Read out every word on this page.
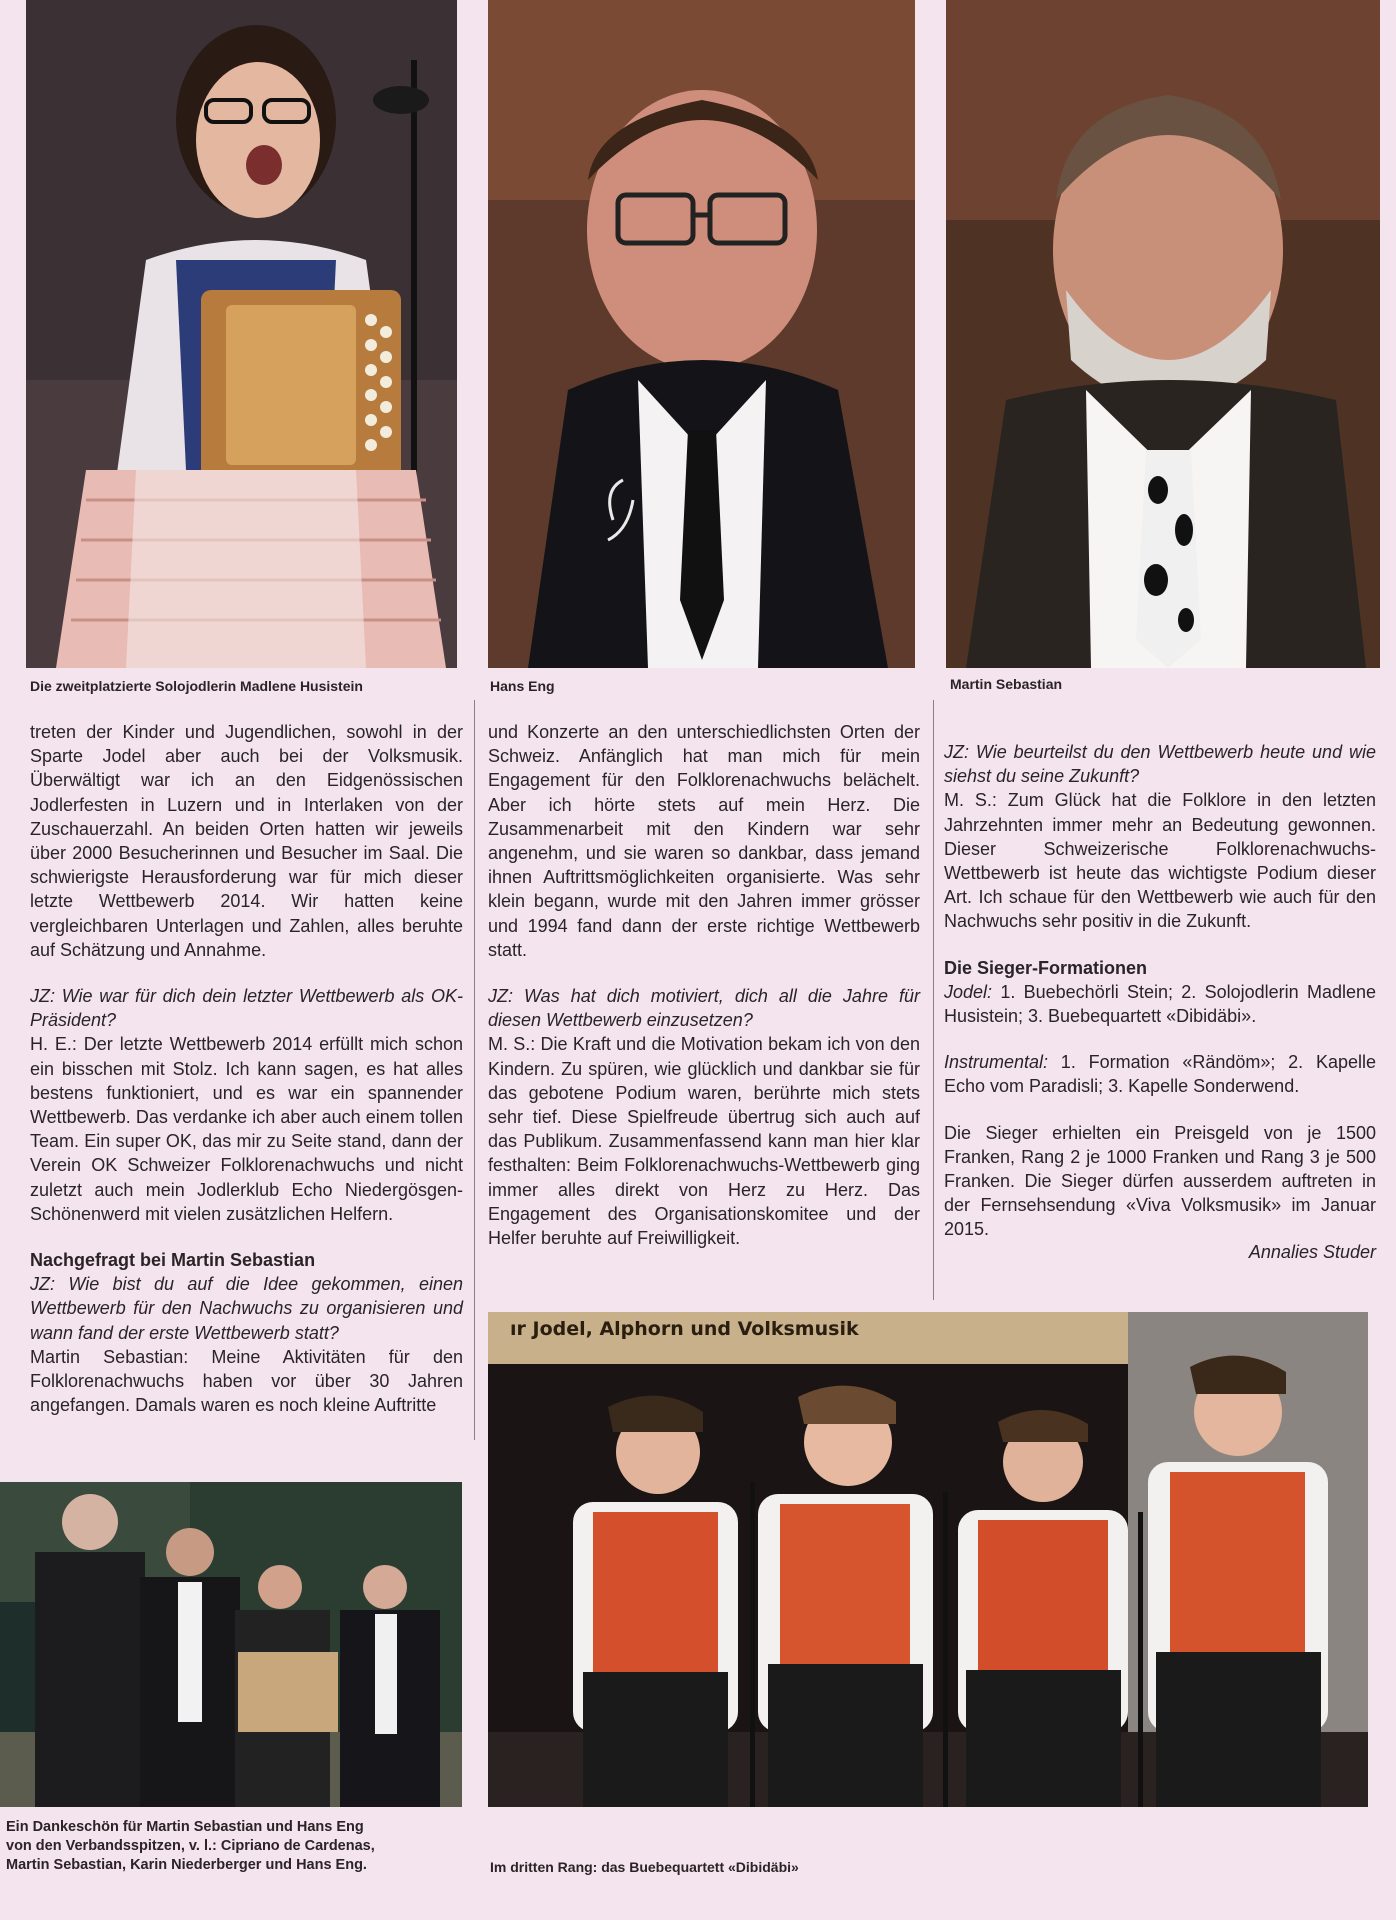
Die zweitplatzierte Solojodlerin Madlene Husistein	Hans Eng	Martin Sebastian

treten der Kinder und Jugendlichen, sowohl in der Sparte Jodel aber auch bei der Volksmusik. Überwältigt war ich an den Eidgenössischen Jodlerfesten in Luzern und in Interlaken von der Zuschauerzahl. An beiden Orten hatten wir jeweils über 2000 Besucherinnen und Besucher im Saal. Die schwierigste Herausforderung war für mich dieser letzte Wettbewerb 2014. Wir hatten keine vergleichbaren Unterlagen und Zahlen, alles beruhte auf Schätzung und Annahme.

JZ: Wie war für dich dein letzter Wettbewerb als OK-Präsident?

H. E.: Der letzte Wettbewerb 2014 erfüllt mich schon ein bisschen mit Stolz. Ich kann sagen, es hat alles bestens funktioniert, und es war ein spannender Wettbewerb. Das verdanke ich aber auch einem tollen Team. Ein super OK, das mir zu Seite stand, dann der Verein OK Schweizer Folklorenachwuchs und nicht zuletzt auch mein Jodlerklub Echo Niedergösgen-Schönenwerd mit vielen zusätzlichen Helfern.

Nachgefragt bei Martin Sebastian
JZ: Wie bist du auf die Idee gekommen, einen Wettbewerb für den Nachwuchs zu organisieren und wann fand der erste Wettbewerb statt?

Martin Sebastian: Meine Aktivitäten für den Folklorenachwuchs haben vor über 30 Jahren angefangen. Damals waren es noch kleine Auftritte

und Konzerte an den unterschiedlichsten Orten der Schweiz. Anfänglich hat man mich für mein Engagement für den Folklorenachwuchs belächelt. Aber ich hörte stets auf mein Herz. Die Zusammenarbeit mit den Kindern war sehr angenehm, und sie waren so dankbar, dass jemand ihnen Auftrittsmöglichkeiten organisierte. Was sehr klein begann, wurde mit den Jahren immer grösser und 1994 fand dann der erste richtige Wettbewerb statt.

JZ: Was hat dich motiviert, dich all die Jahre für diesen Wettbewerb einzusetzen?

M. S.: Die Kraft und die Motivation bekam ich von den Kindern. Zu spüren, wie glücklich und dankbar sie für das gebotene Podium waren, berührte mich stets sehr tief. Diese Spielfreude übertrug sich auch auf das Publikum. Zusammenfassend kann man hier klar festhalten: Beim Folklorenachwuchs-Wettbewerb ging immer alles direkt von Herz zu Herz. Das Engagement des Organisationskomitee und der Helfer beruhte auf Freiwilligkeit.

JZ: Wie beurteilst du den Wettbewerb heute und wie siehst du seine Zukunft?

M. S.: Zum Glück hat die Folklore in den letzten Jahrzehnten immer mehr an Bedeutung gewonnen. Dieser Schweizerische Folklorenachwuchs-Wettbewerb ist heute das wichtigste Podium dieser Art. Ich schaue für den Wettbewerb wie auch für den Nachwuchs sehr positiv in die Zukunft.

Die Sieger-Formationen

Jodel: 1. Buebechörli Stein; 2. Solojodlerin Madlene Husistein; 3. Buebequartett «Dibidäbi».

Instrumental: 1. Formation «Rändöm»; 2. Kapelle Echo vom Paradisli; 3. Kapelle Sonderwend.

Die Sieger erhielten ein Preisgeld von je 1500 Franken, Rang 2 je 1000 Franken und Rang 3 je 500 Franken. Die Sieger dürfen ausserdem auftreten in der Fernsehsendung «Viva Volksmusik» im Januar 2015.

Annalies Studer
ır Jodel, Alphorn und Volksmusik
Ein Dankeschön für Martin Sebastian und Hans Eng
von den Verbandsspitzen, v. l.: Cipriano de Cardenas,
Martin Sebastian, Karin Niederberger und Hans Eng.	Im dritten Rang: das Buebequartett «Dibidäbi»
